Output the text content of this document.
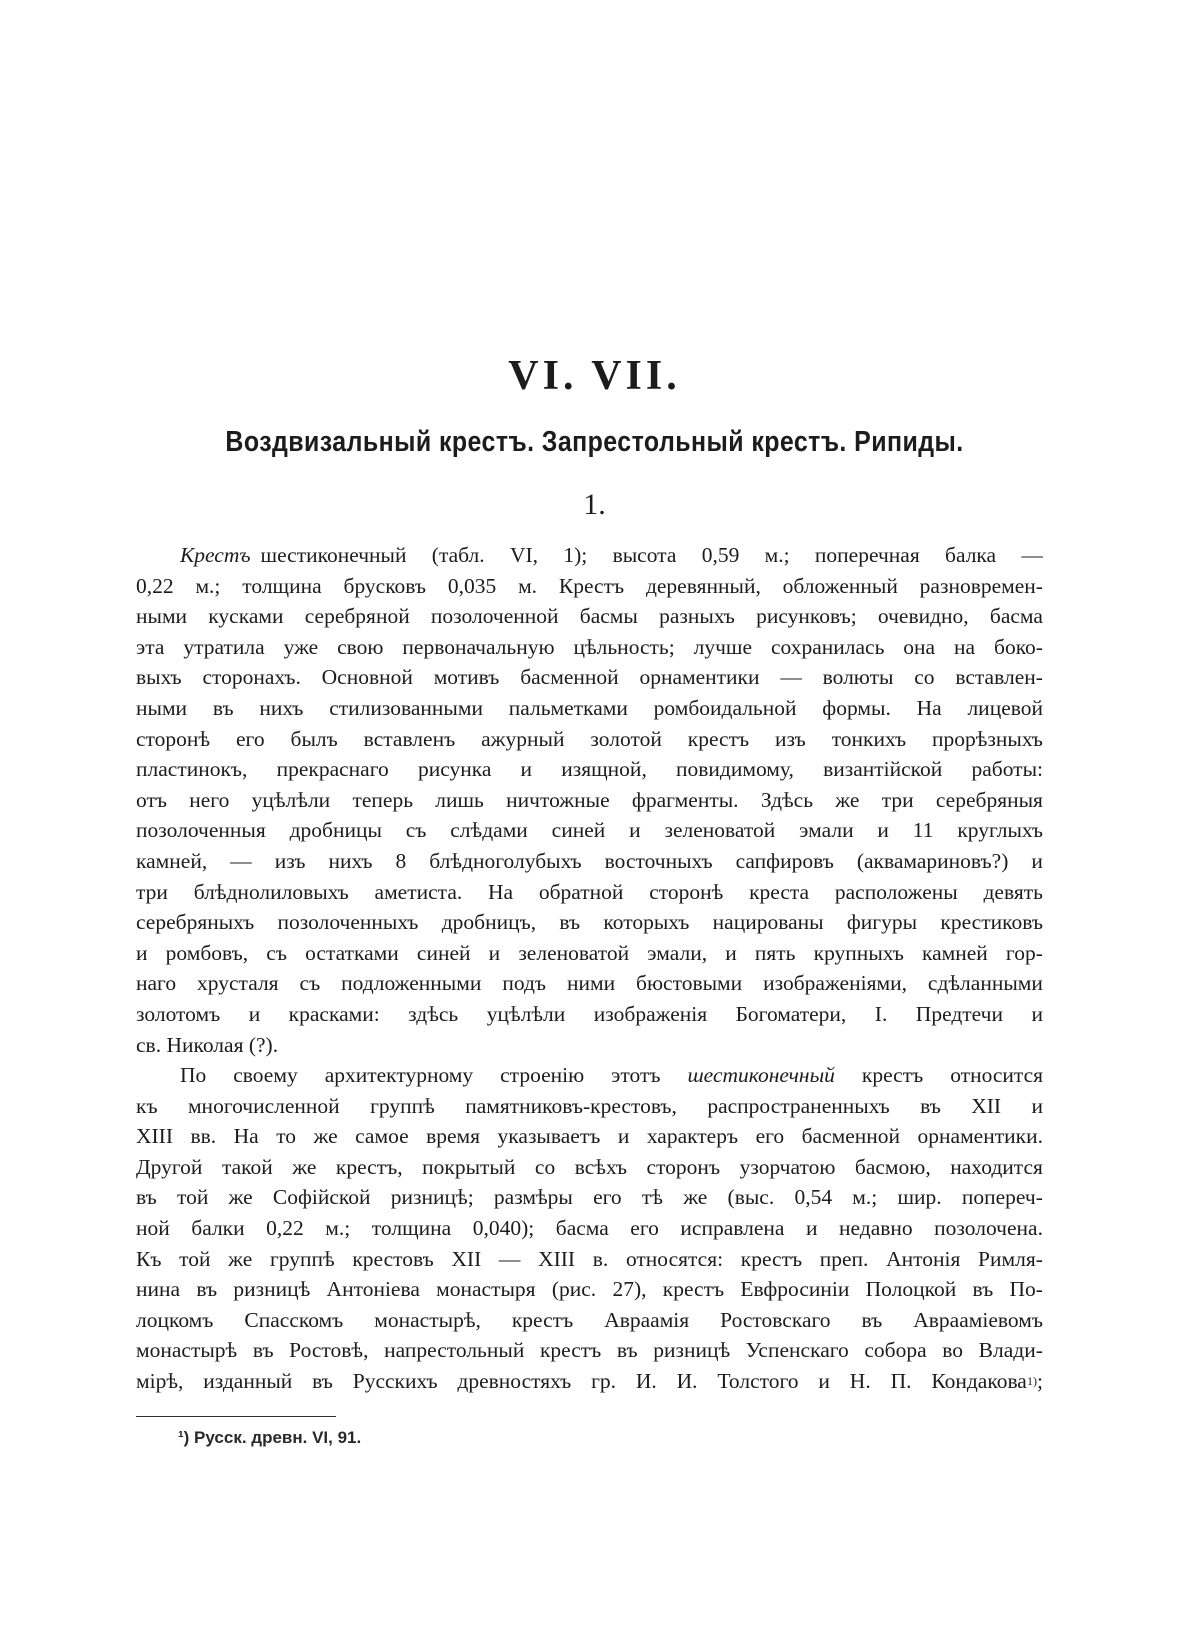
VI. VII.
Воздвизальный крестъ. Запрестольный крестъ. Рипиды.
1.
Крестъ шестиконечный (табл. VI, 1); высота 0,59 м.; поперечная балка —
0,22 м.; толщина брусковъ 0,035 м. Крестъ деревянный, обложенный разновремен-
ными кусками серебряной позолоченной басмы разныхъ рисунковъ; очевидно, басма
эта утратила уже свою первоначальную цѣльность; лучше сохранилась она на боко-
выхъ сторонахъ. Основной мотивъ басменной орнаментики — волюты со вставлен-
ными въ нихъ стилизованными пальметками ромбоидальной формы. На лицевой
сторонѣ его былъ вставленъ ажурный золотой крестъ изъ тонкихъ прорѣзныхъ
пластинокъ, прекраснаго рисунка и изящной, повидимому, византійской работы:
отъ него уцѣлѣли теперь лишь ничтожные фрагменты. Здѣсь же три серебряныя
позолоченныя дробницы съ слѣдами синей и зеленоватой эмали и 11 круглыхъ
камней, — изъ нихъ 8 блѣдноголубыхъ восточныхъ сапфировъ (аквамариновъ?) и
три блѣднолиловыхъ аметиста. На обратной сторонѣ креста расположены девять
серебряныхъ позолоченныхъ дробницъ, въ которыхъ нацированы фигуры крестиковъ
и ромбовъ, съ остатками синей и зеленоватой эмали, и пять крупныхъ камней гор-
наго хрусталя съ подложенными подъ ними бюстовыми изображеніями, сдѣланными
золотомъ и красками: здѣсь уцѣлѣли изображенія Богоматери, I. Предтечи и
св. Николая (?).
По своему архитектурному строенію этотъ шестиконечный крестъ относится
къ многочисленной группѣ памятниковъ-крестовъ, распространенныхъ въ XII и
XIII вв. На то же самое время указываетъ и характеръ его басменной орнаментики.
Другой такой же крестъ, покрытый со всѣхъ сторонъ узорчатою басмою, находится
въ той же Софійской ризницѣ; размѣры его тѣ же (выс. 0,54 м.; шир. попереч-
ной балки 0,22 м.; толщина 0,040); басма его исправлена и недавно позолочена.
Къ той же группѣ крестовъ XII — XIII в. относятся: крестъ преп. Антонія Римля-
нина въ ризницѣ Антоніева монастыря (рис. 27), крестъ Евфросиніи Полоцкой въ По-
лоцкомъ Спасскомъ монастырѣ, крестъ Авраамія Ростовскаго въ Авраамiевомъ
монастырѣ въ Ростовѣ, напрестольный крестъ въ ризницѣ Успенскаго собора во Влади-
мірѣ, изданный въ Русскихъ древностяхъ гр. И. И. Толстого и Н. П. Кондакова 1) ;
¹) Русск. древн. VI, 91.
